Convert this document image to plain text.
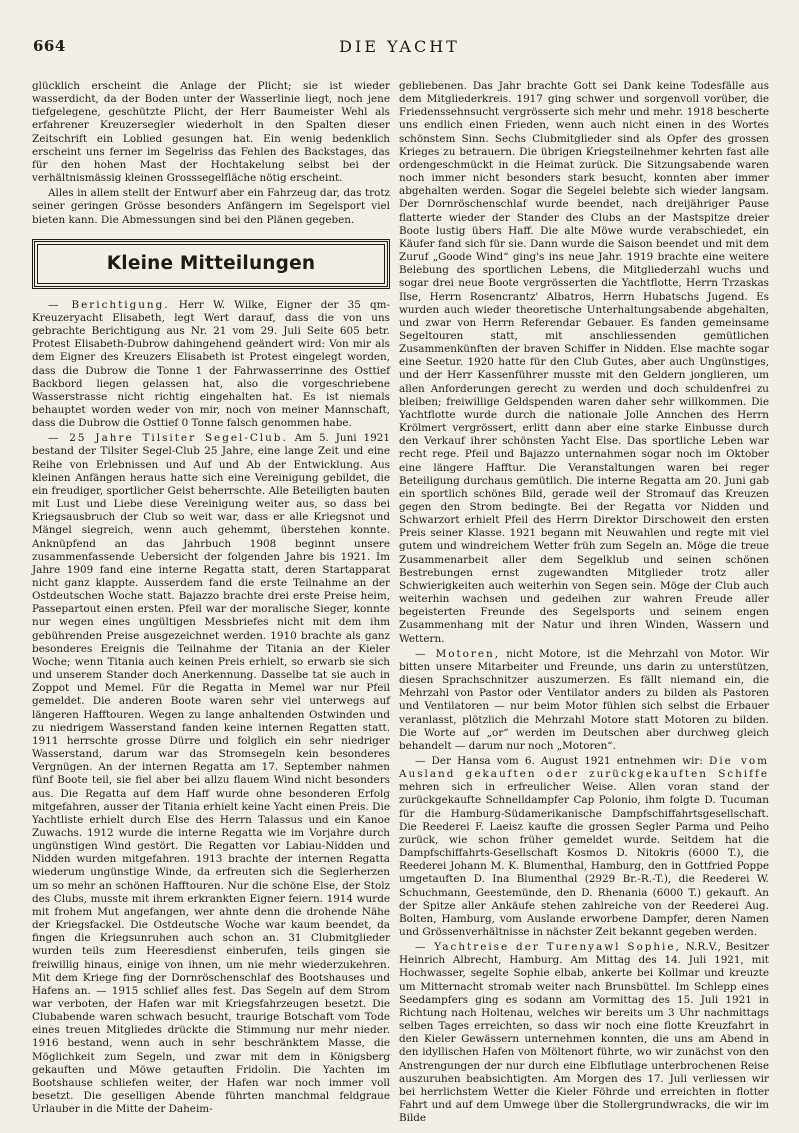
664	DIE YACHT

glücklich erscheint die Anlage der Plicht; sie ist wieder wasserdicht, da der Boden unter der Wasserlinie liegt, noch jene tiefgelegene, geschützte Plicht, der Herr Baumeister Wehl als erfahrener Kreuzersegler wiederholt in den Spalten dieser Zeitschrift ein Loblied gesungen hat. Ein wenig bedenklich erscheint uns ferner im Segelriss das Fehlen des Backstages, das für den hohen Mast der Hochtakelung selbst bei der verhältnismässig kleinen Grosssegelfläche nötig erscheint.

Alles in allem stellt der Entwurf aber ein Fahrzeug dar, das trotz seiner geringen Grösse besonders Anfängern im Segelsport viel bieten kann. Die Abmessungen sind bei den Plänen gegeben.

Kleine Mitteilungen

— Berichtigung. Herr W. Wilke, Eigner der 35 qm-Kreuzeryacht Elisabeth, legt Wert darauf, dass die von uns gebrachte Berichtigung aus Nr. 21 vom 29. Juli Seite 605 betr. Protest Elisabeth-Dubrow dahingehend geändert wird: Von mir als dem Eigner des Kreuzers Elisabeth ist Protest eingelegt worden, dass die Dubrow die Tonne 1 der Fahrwasserrinne des Osttief Backbord liegen gelassen hat, also die vorgeschriebene Wasserstrasse nicht richtig eingehalten hat. Es ist niemals behauptet worden weder von mir, noch von meiner Mannschaft, dass die Dubrow die Osttief 0 Tonne falsch genommen habe.

— 25 Jahre Tilsiter Segel-Club. Am 5. Juni 1921 bestand der Tilsiter Segel-Club 25 Jahre, eine lange Zeit und eine Reihe von Erlebnissen und Auf und Ab der Entwicklung. Aus kleinen Anfängen heraus hatte sich eine Vereinigung gebildet, die ein freudiger, sportlicher Geist beherrschte. Alle Beteiligten bauten mit Lust und Liebe diese Vereinigung weiter aus, so dass bei Kriegsausbruch der Club so weit war, dass er alle Kriegsnot und Mängel siegreich, wenn auch gehemmt, überstehen konnte. Anknüpfend an das Jahrbuch 1908 beginnt unsere zusammenfassende Uebersicht der folgenden Jahre bis 1921. Im Jahre 1909 fand eine interne Regatta statt, deren Startapparat nicht ganz klappte. Ausserdem fand die erste Teilnahme an der Ostdeutschen Woche statt. Bajazzo brachte drei erste Preise heim, Passepartout einen ersten. Pfeil war der moralische Sieger, konnte nur wegen eines ungültigen Messbriefes nicht mit dem ihm gebührenden Preise ausgezeichnet werden. 1910 brachte als ganz besonderes Ereignis die Teilnahme der Titania an der Kieler Woche; wenn Titania auch keinen Preis erhielt, so erwarb sie sich und unserem Stander doch Anerkennung. Dasselbe tat sie auch in Zoppot und Memel. Für die Regatta in Memel war nur Pfeil gemeldet. Die anderen Boote waren sehr viel unterwegs auf längeren Hafftouren. Wegen zu lange anhaltenden Ostwinden und zu niedrigem Wasserstand fanden keine internen Regatten statt. 1911 herrschte grosse Dürre und folglich ein sehr niedriger Wasserstand, darum war das Stromsegeln kein besonderes Vergnügen. An der internen Regatta am 17. September nahmen fünf Boote teil, sie fiel aber bei allzu flauem Wind nicht besonders aus. Die Regatta auf dem Haff wurde ohne besonderen Erfolg mitgefahren, ausser der Titania erhielt keine Yacht einen Preis. Die Yachtliste erhielt durch Else des Herrn Talassus und ein Kanoe Zuwachs. 1912 wurde die interne Regatta wie im Vorjahre durch ungünstigen Wind gestört. Die Regatten vor Labiau-Nidden und Nidden wurden mitgefahren. 1913 brachte der internen Regatta wiederum ungünstige Winde, da erfreuten sich die Seglerherzen um so mehr an schönen Hafftouren. Nur die schöne Else, der Stolz des Clubs, musste mit ihrem erkrankten Eigner feiern. 1914 wurde mit frohem Mut angefangen, wer ahnte denn die drohende Nähe der Kriegsfackel. Die Ostdeutsche Woche war kaum beendet, da fingen die Kriegsunruhen auch schon an. 31 Clubmitglieder wurden teils zum Heeresdienst einberufen, teils gingen sie freiwillig hinaus, einige von ihnen, um nie mehr wiederzukehren. Mit dem Kriege fing der Dornröschenschlaf des Bootshauses und Hafens an. — 1915 schlief alles fest. Das Segeln auf dem Strom war verboten, der Hafen war mit Kriegsfahrzeugen besetzt. Die Clubabende waren schwach besucht, traurige Botschaft vom Tode eines treuen Mitgliedes drückte die Stimmung nur mehr nieder. 1916 bestand, wenn auch in sehr beschränktem Masse, die Möglichkeit zum Segeln, und zwar mit dem in Königsberg gekauften und Möwe getauften Fridolin. Die Yachten im Bootshause schliefen weiter, der Hafen war noch immer voll besetzt. Die geselligen Abende führten manchmal feldgraue Urlauber in die Mitte der Daheim-

gebliebenen. Das Jahr brachte Gott sei Dank keine Todesfälle aus dem Mitgliederkreis. 1917 ging schwer und sorgenvoll vorüber, die Friedenssehnsucht vergrösserte sich mehr und mehr. 1918 bescherte uns endlich einen Frieden, wenn auch nicht einen in des Wortes schönstem Sinn. Sechs Clubmitglieder sind als Opfer des grossen Krieges zu betrauern. Die übrigen Kriegsteilnehmer kehrten fast alle ordengeschmückt in die Heimat zurück. Die Sitzungsabende waren noch immer nicht besonders stark besucht, konnten aber immer abgehalten werden. Sogar die Segelei belebte sich wieder langsam. Der Dornröschenschlaf wurde beendet, nach dreijähriger Pause flatterte wieder der Stander des Clubs an der Mastspitze dreier Boote lustig übers Haff. Die alte Möwe wurde verabschiedet, ein Käufer fand sich für sie. Dann wurde die Saison beendet und mit dem Zuruf „Goode Wind“ ging's ins neue Jahr. 1919 brachte eine weitere Belebung des sportlichen Lebens, die Mitgliederzahl wuchs und sogar drei neue Boote vergrösserten die Yachtflotte, Herrn Trzaskas Ilse, Herrn Rosencrantz' Albatros, Herrn Hubatschs Jugend. Es wurden auch wieder theoretische Unterhaltungsabende abgehalten, und zwar von Herrn Referendar Gebauer. Es fanden gemeinsame Segeltouren statt, mit anschliessenden gemütlichen Zusammenkünften der braven Schiffer in Nidden. Else machte sogar eine Seetur. 1920 hatte für den Club Gutes, aber auch Ungünstiges, und der Herr Kassenführer musste mit den Geldern jonglieren, um allen Anforderungen gerecht zu werden und doch schuldenfrei zu bleiben; freiwillige Geldspenden waren daher sehr willkommen. Die Yachtflotte wurde durch die nationale Jolle Annchen des Herrn Krölmert vergrössert, erlitt dann aber eine starke Einbusse durch den Verkauf ihrer schönsten Yacht Else. Das sportliche Leben war recht rege. Pfeil und Bajazzo unternahmen sogar noch im Oktober eine längere Hafftur. Die Veranstaltungen waren bei reger Beteiligung durchaus gemütlich. Die interne Regatta am 20. Juni gab ein sportlich schönes Bild, gerade weil der Stromauf das Kreuzen gegen den Strom bedingte. Bei der Regatta vor Nidden und Schwarzort erhielt Pfeil des Herrn Direktor Dirschoweit den ersten Preis seiner Klasse. 1921 begann mit Neuwahlen und regte mit viel gutem und windreichem Wetter früh zum Segeln an. Möge die treue Zusammenarbeit aller dem Segelklub und seinen schönen Bestrebungen ernst zugewandten Mitglieder trotz aller Schwierigkeiten auch weiterhin von Segen sein. Möge der Club auch weiterhin wachsen und gedeihen zur wahren Freude aller begeisterten Freunde des Segelsports und seinem engen Zusammenhang mit der Natur und ihren Winden, Wassern und Wettern.

— Motoren, nicht Motore, ist die Mehrzahl von Motor. Wir bitten unsere Mitarbeiter und Freunde, uns darin zu unterstützen, diesen Sprachschnitzer auszumerzen. Es fällt niemand ein, die Mehrzahl von Pastor oder Ventilator anders zu bilden als Pastoren und Ventilatoren — nur beim Motor fühlen sich selbst die Erbauer veranlasst, plötzlich die Mehrzahl Motore statt Motoren zu bilden. Die Worte auf „or“ werden im Deutschen aber durchweg gleich behandelt — darum nur noch „Motoren“.

— Der Hansa vom 6. August 1921 entnehmen wir: Die vom Ausland gekauften oder zurückgekauften Schiffe mehren sich in erfreulicher Weise. Allen voran stand der zurückgekaufte Schnelldampfer Cap Polonio, ihm folgte D. Tucuman für die Hamburg-Südamerikanische Dampfschiffahrtsgesellschaft. Die Reederei F. Laeisz kaufte die grossen Segler Parma und Peiho zurück, wie schon früher gemeldet wurde. Seitdem hat die Dampfschiffahrts-Gesellschaft Kosmos D. Nitokris (6000 T.), die Reederei Johann M. K. Blumenthal, Hamburg, den in Gottfried Poppe umgetauften D. Ina Blumenthal (2929 Br.-R.-T.), die Reederei W. Schuchmann, Geestemünde, den D. Rhenania (6000 T.) gekauft. An der Spitze aller Ankäufe stehen zahlreiche von der Reederei Aug. Bolten, Hamburg, vom Auslande erworbene Dampfer, deren Namen und Grössenverhältnisse in nächster Zeit bekannt gegeben werden.

— Yachtreise der Turenyawl Sophie, N.R.V., Besitzer Heinrich Albrecht, Hamburg. Am Mittag des 14. Juli 1921, mit Hochwasser, segelte Sophie elbab, ankerte bei Kollmar und kreuzte um Mitternacht stromab weiter nach Brunsbüttel. Im Schlepp eines Seedampfers ging es sodann am Vormittag des 15. Juli 1921 in Richtung nach Holtenau, welches wir bereits um 3 Uhr nachmittags selben Tages erreichten, so dass wir noch eine flotte Kreuzfahrt in den Kieler Gewässern unternehmen konnten, die uns am Abend in den idyllischen Hafen von Möltenort führte, wo wir zunächst von den Anstrengungen der nur durch eine Elbflutlage unterbrochenen Reise auszuruhen beabsichtigten. Am Morgen des 17. Juli verliessen wir bei herrlichstem Wetter die Kieler Föhrde und erreichten in flotter Fahrt und auf dem Umwege über die Stollergrundwracks, die wir im Bilde
